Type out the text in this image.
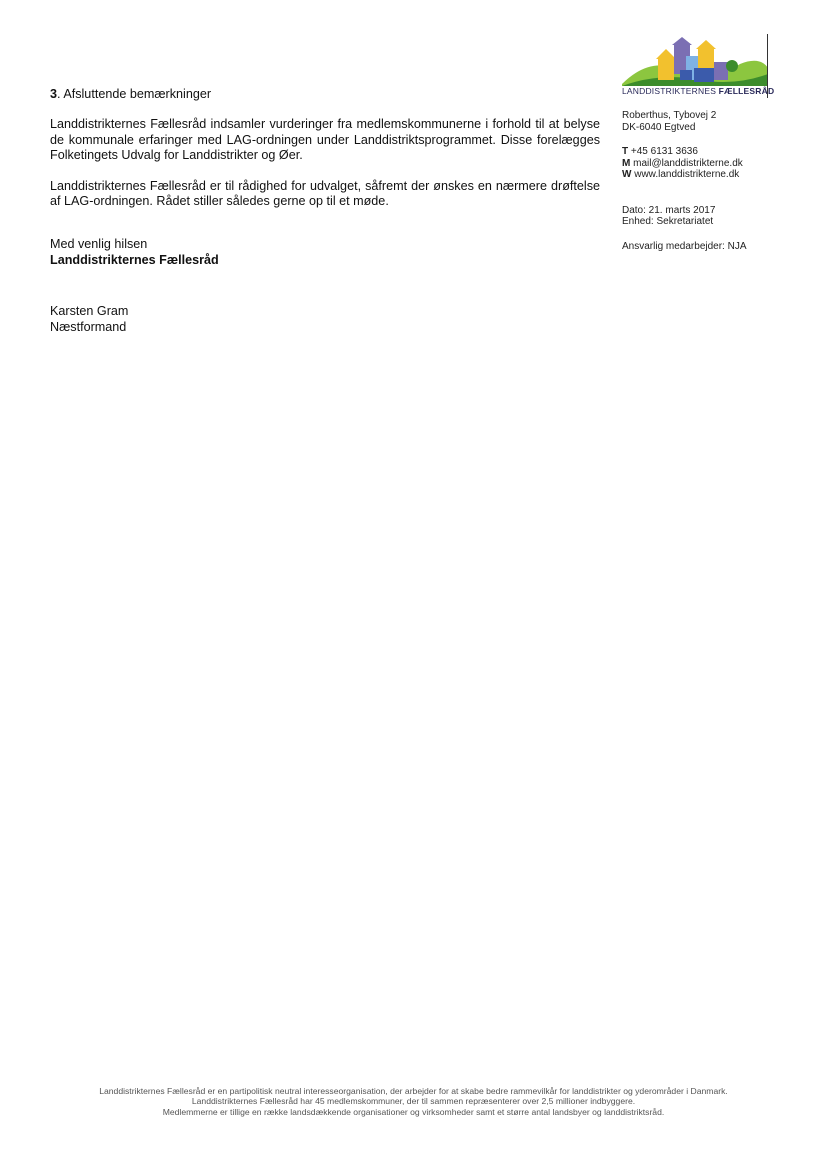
LANDDISTRIKTERNES FÆLLESRÅD
Roberthus, Tybovej 2
DK-6040 Egtved
T +45 6131 3636
M mail@landdistrikterne.dk
W www.landdistrikterne.dk
Dato: 21. marts 2017
Enhed: Sekretariatet
Ansvarlig medarbejder: NJA

3. Afsluttende bemærkninger

Landdistrikternes Fællesråd indsamler vurderinger fra medlemskommunerne i forhold til at belyse de kommunale erfaringer med LAG-ordningen under Landdistriktsprogrammet. Disse forelægges Folketingets Udvalg for Landdistrikter og Øer.

Landdistrikternes Fællesråd er til rådighed for udvalget, såfremt der ønskes en nærmere drøftelse af LAG-ordningen. Rådet stiller således gerne op til et møde.

Med venlig hilsen

Landdistrikternes Fællesråd

Karsten Gram

Næstformand

Landdistrikternes Fællesråd er en partipolitisk neutral interesseorganisation, der arbejder for at skabe bedre rammevilkår for landdistrikter og yderområder i Danmark.
Landdistrikternes Fællesråd har 45 medlemskommuner, der til sammen repræsenterer over 2,5 millioner indbyggere.
Medlemmerne er tillige en række landsdækkende organisationer og virksomheder samt et større antal landsbyer og landdistriktsråd.
